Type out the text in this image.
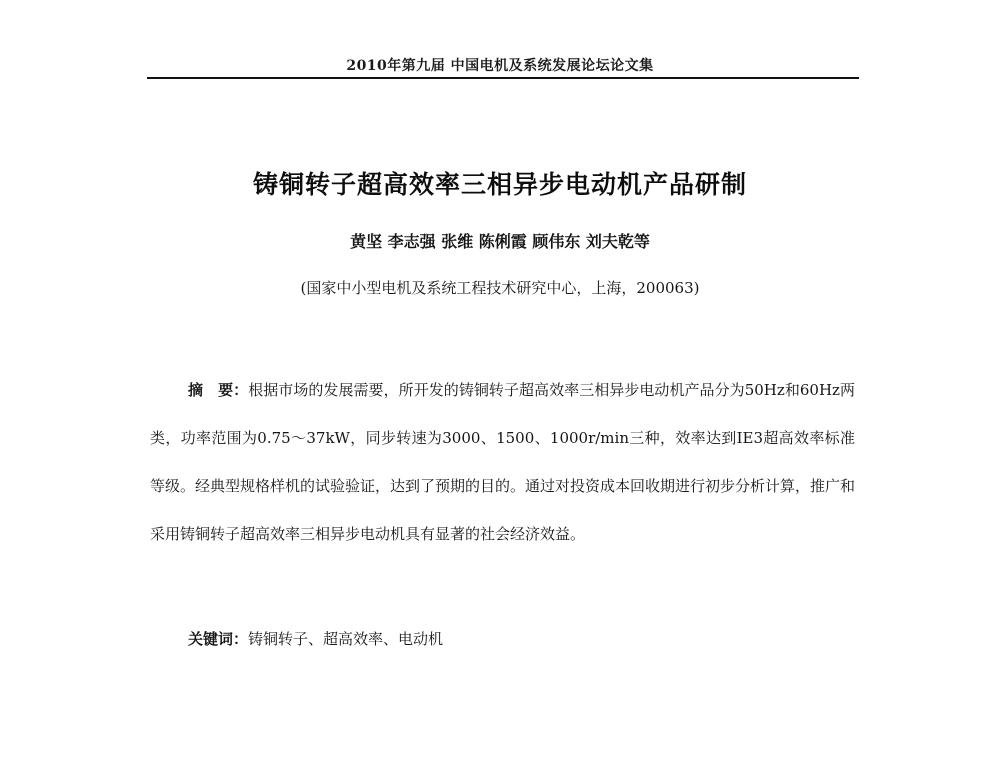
2010年第九届 中国电机及系统发展论坛论文集
铸铜转子超高效率三相异步电动机产品研制
黄坚 李志强 张维 陈俐霞 顾伟东 刘夫乾等
(国家中小型电机及系统工程技术研究中心，上海，200063)
摘　要：根据市场的发展需要，所开发的铸铜转子超高效率三相异步电动机产品分为50Hz和60Hz两类，功率范围为0.75～37kW，同步转速为3000、1500、1000r/min三种，效率达到IE3超高效率标准等级。经典型规格样机的试验验证，达到了预期的目的。通过对投资成本回收期进行初步分析计算，推广和采用铸铜转子超高效率三相异步电动机具有显著的社会经济效益。
关键词：铸铜转子、超高效率、电动机
